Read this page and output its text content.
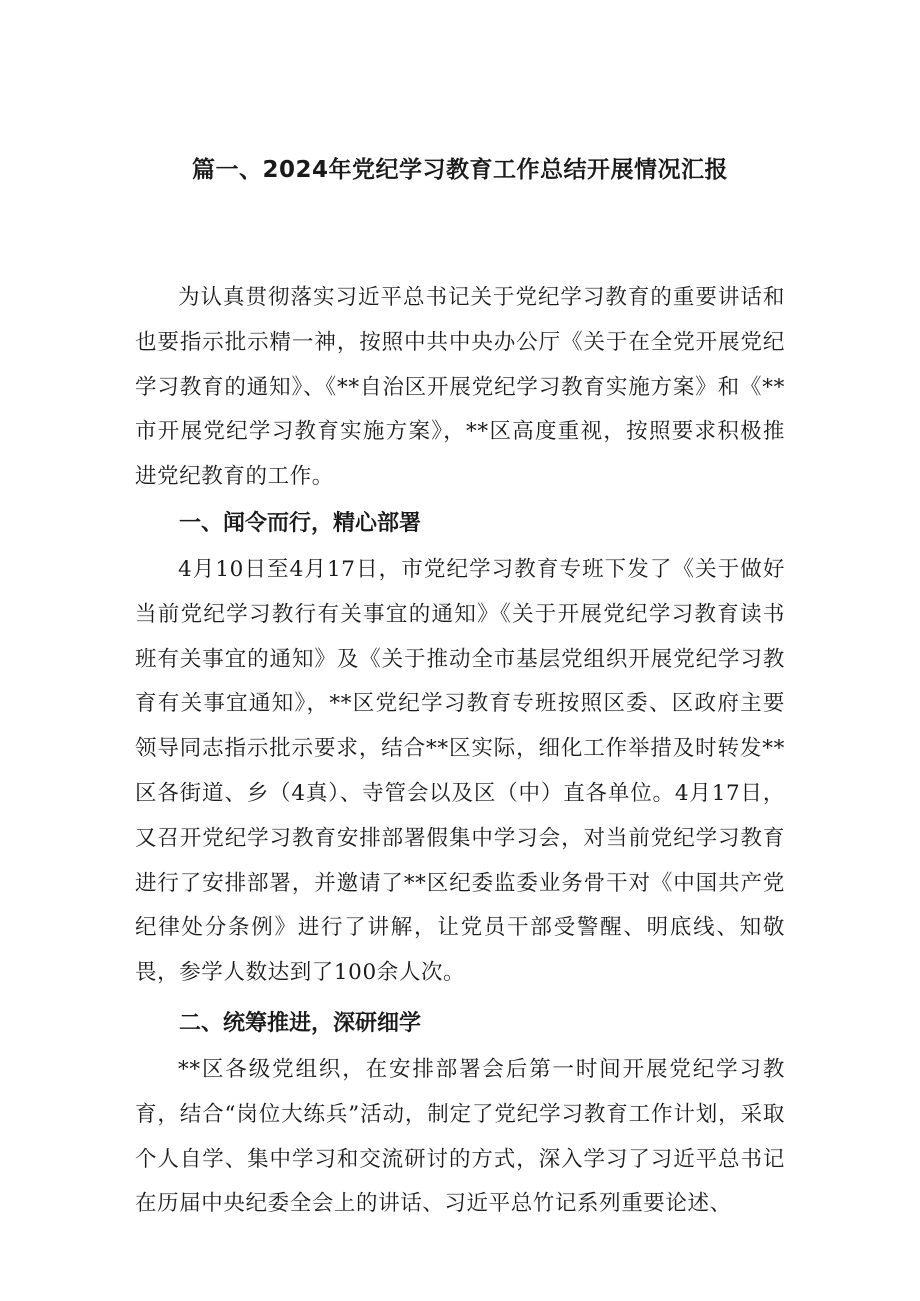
篇一、2024年党纪学习教育工作总结开展情况汇报

为认真贯彻落实习近平总书记关于党纪学习教育的重要讲话和也要指示批示精一神，按照中共中央办公厅《关于在全党开展党纪学习教育的通知》、《**自治区开展党纪学习教育实施方案》和《**市开展党纪学习教育实施方案》，**区高度重视，按照要求积极推进党纪教育的工作。

一、闻令而行，精心部署

4月10日至4月17日，市党纪学习教育专班下发了《关于做好当前党纪学习教行有关事宜的通知》《关于开展党纪学习教育读书班有关事宜的通知》及《关于推动全市基层党组织开展党纪学习教育有关事宜通知》，**区党纪学习教育专班按照区委、区政府主要领导同志指示批示要求，结合**区实际，细化工作举措及时转发**区各街道、乡（4真）、寺管会以及区（中）直各单位。4月17日，又召开党纪学习教育安排部署假集中学习会，对当前党纪学习教育进行了安排部署，并邀请了**区纪委监委业务骨干对《中国共产党纪律处分条例》进行了讲解，让党员干部受警醒、明底线、知敬畏，参学人数达到了100余人次。

二、统筹推进，深研细学

**区各级党组织，在安排部署会后第一时间开展党纪学习教育，结合“岗位大练兵”活动，制定了党纪学习教育工作计划，采取个人自学、集中学习和交流研讨的方式，深入学习了习近平总书记在历届中央纪委全会上的讲话、习近平总竹记系列重要论述、
